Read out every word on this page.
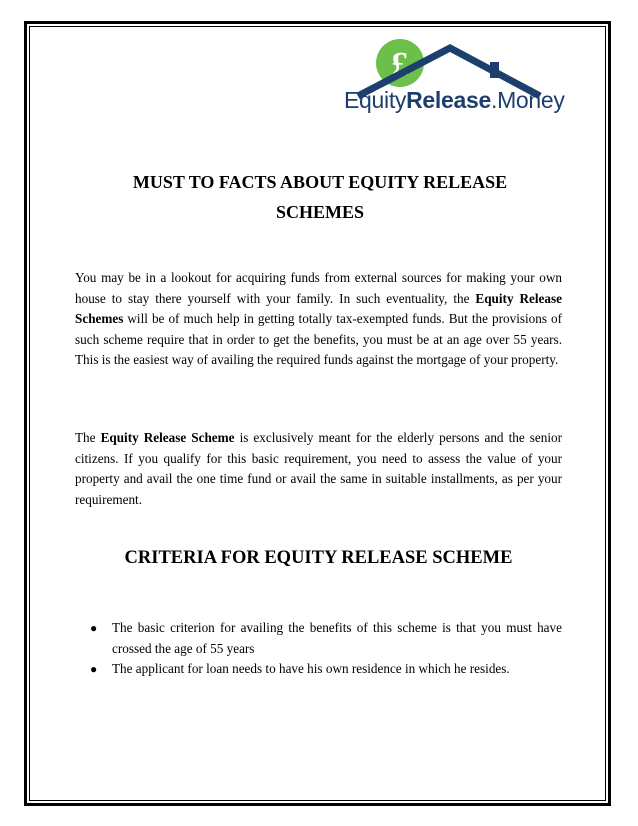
£
EquityRelease.Money
MUST TO FACTS ABOUT EQUITY RELEASE
SCHEMES

You may be in a lookout for acquiring funds from external sources for making your own house to stay there yourself with your family. In such eventuality, the Equity Release Schemes will be of much help in getting totally tax-exempted funds. But the provisions of such scheme require that in order to get the benefits, you must be at an age over 55 years. This is the easiest way of availing the required funds against the mortgage of your property.

The Equity Release Scheme is exclusively meant for the elderly persons and the senior citizens. If you qualify for this basic requirement, you need to assess the value of your property and avail the one time fund or avail the same in suitable installments, as per your requirement.

CRITERIA FOR EQUITY RELEASE SCHEME
● The basic criterion for availing the benefits of this scheme is that you must have crossed the age of 55 years
● The applicant for loan needs to have his own residence in which he resides.
